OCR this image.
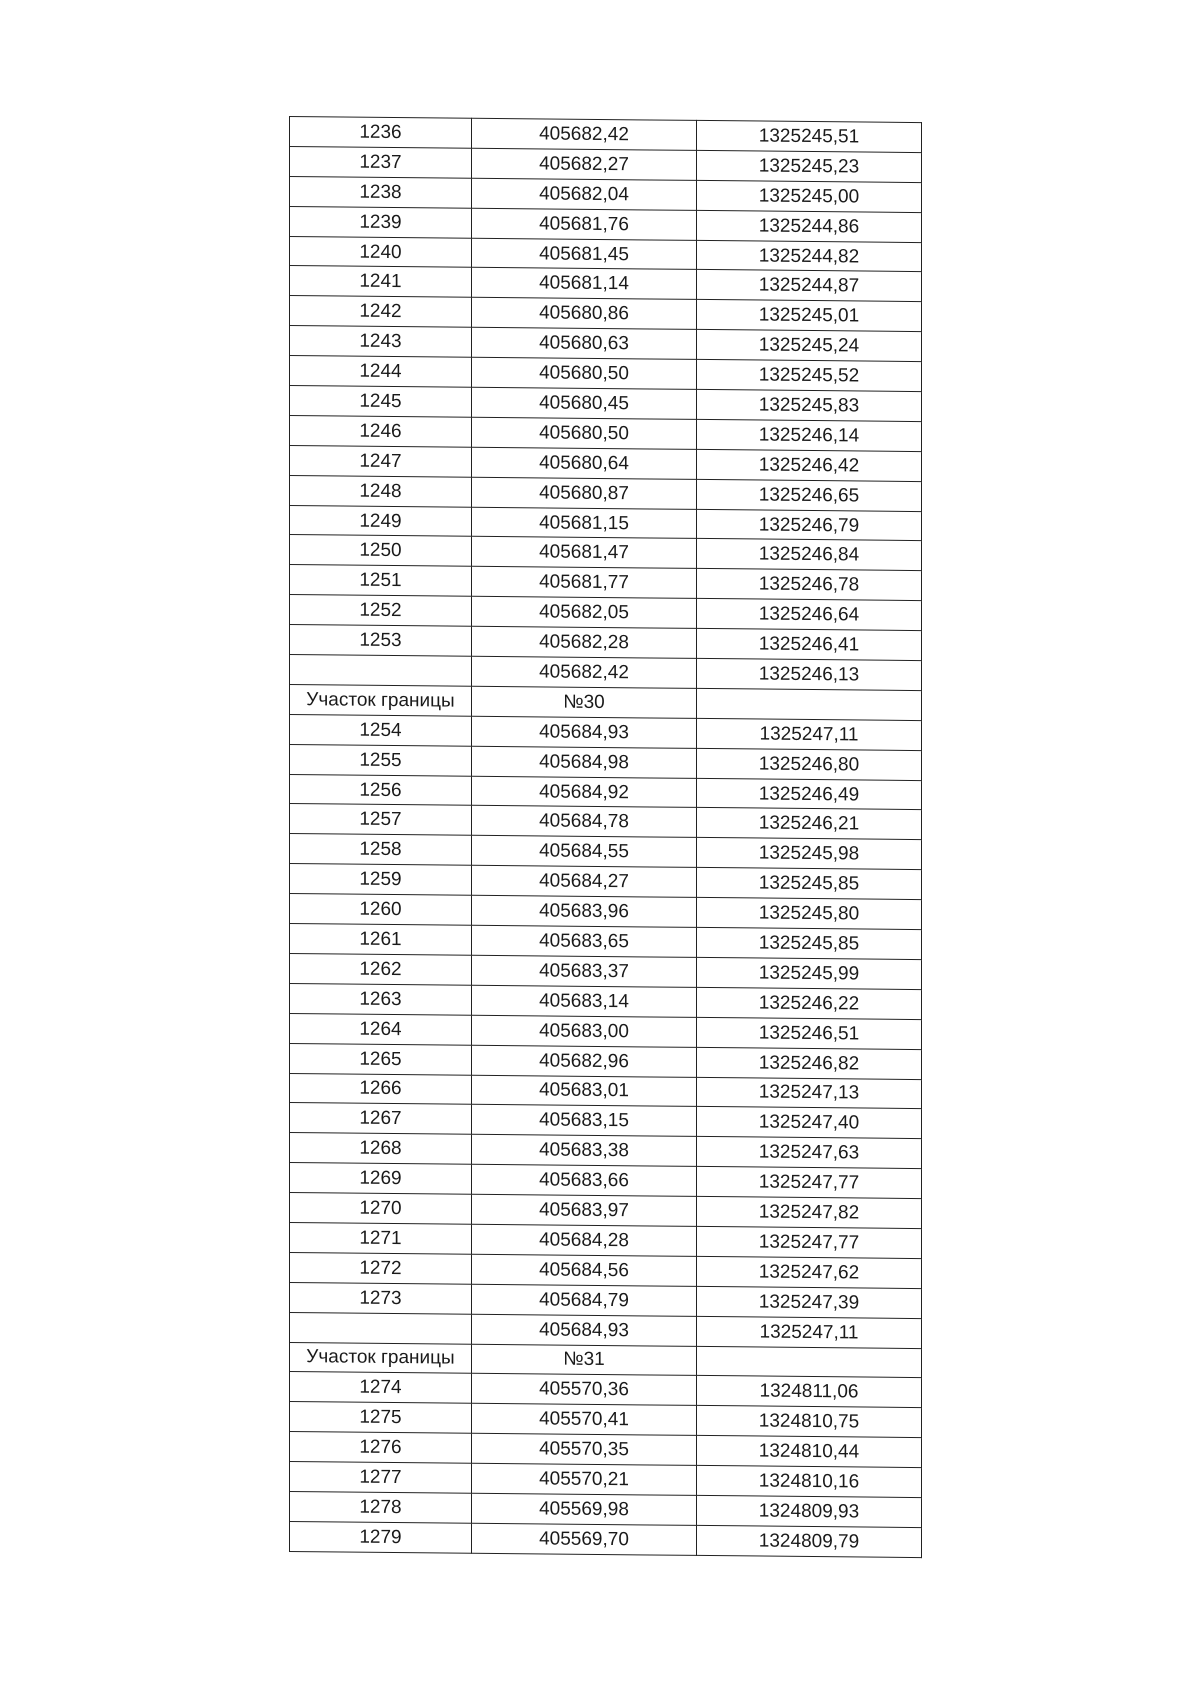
1236	405682,42	1325245,51
1237	405682,27	1325245,23
1238	405682,04	1325245,00
1239	405681,76	1325244,86
1240	405681,45	1325244,82
1241	405681,14	1325244,87
1242	405680,86	1325245,01
1243	405680,63	1325245,24
1244	405680,50	1325245,52
1245	405680,45	1325245,83
1246	405680,50	1325246,14
1247	405680,64	1325246,42
1248	405680,87	1325246,65
1249	405681,15	1325246,79
1250	405681,47	1325246,84
1251	405681,77	1325246,78
1252	405682,05	1325246,64
1253	405682,28	1325246,41
	405682,42	1325246,13
Участок границы	№30	
1254	405684,93	1325247,11
1255	405684,98	1325246,80
1256	405684,92	1325246,49
1257	405684,78	1325246,21
1258	405684,55	1325245,98
1259	405684,27	1325245,85
1260	405683,96	1325245,80
1261	405683,65	1325245,85
1262	405683,37	1325245,99
1263	405683,14	1325246,22
1264	405683,00	1325246,51
1265	405682,96	1325246,82
1266	405683,01	1325247,13
1267	405683,15	1325247,40
1268	405683,38	1325247,63
1269	405683,66	1325247,77
1270	405683,97	1325247,82
1271	405684,28	1325247,77
1272	405684,56	1325247,62
1273	405684,79	1325247,39
	405684,93	1325247,11
Участок границы	№31	
1274	405570,36	1324811,06
1275	405570,41	1324810,75
1276	405570,35	1324810,44
1277	405570,21	1324810,16
1278	405569,98	1324809,93
1279	405569,70	1324809,79
